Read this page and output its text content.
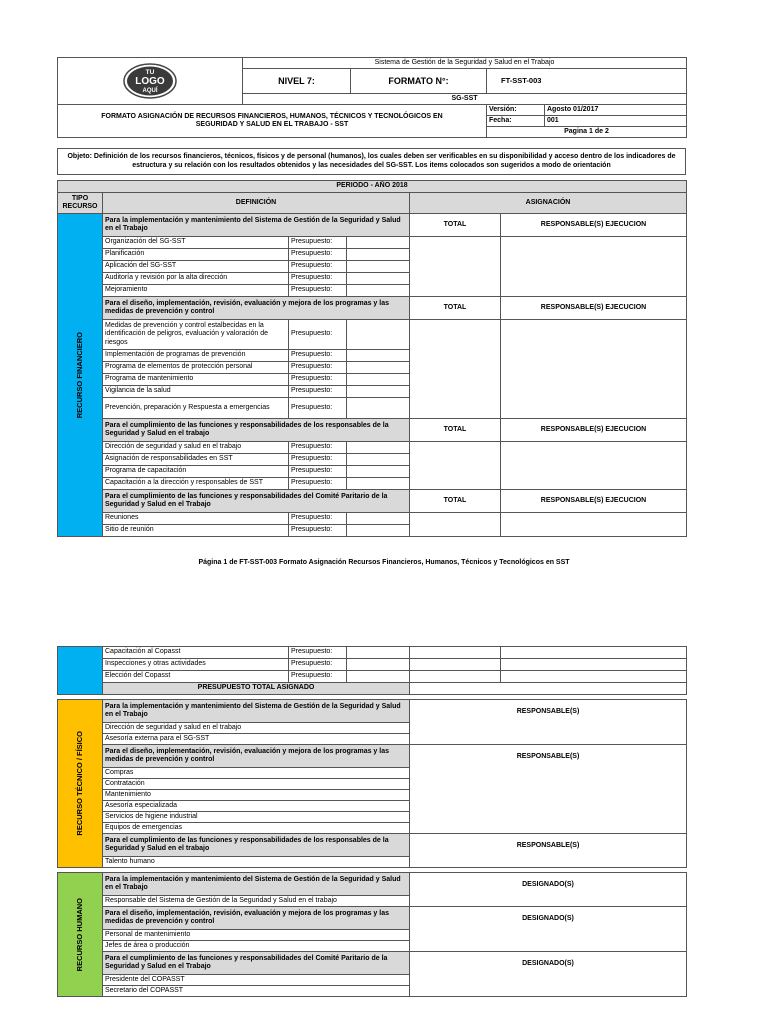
TU
LOGO
AQUÍ	Sistema de Gestión de la Seguridad y Salud en el Trabajo			
	NIVEL 7:	FORMATO N°:	FT-SST-003	
	SG-SST			
FORMATO ASIGNACIÓN DE RECURSOS FINANCIEROS, HUMANOS, TÉCNICOS Y TECNOLÓGICOS EN SEGURIDAD Y SALUD EN EL TRABAJO - SST			Versión:	Agosto 01/2017
			Fecha:	001
			Pagina 1 de 2	
Objeto: Definición de los recursos financieros, técnicos, físicos y de personal (humanos), los cuales deben ser verificables en su disponibilidad y acceso dentro de los indicadores de estructura y su relación con los resultados obtenidos y las necesidades del SG-SST. Los items colocados son sugeridos a modo de orientación
PERIODO - AÑO 2018					
TIPO RECURSO	DEFINICIÓN			ASIGNACIÓN	

RECURSO FINANCIERO	Para la implementación y mantenimiento del Sistema de Gestión de la Seguridad y Salud en el Trabajo			TOTAL	RESPONSABLE(S) EJECUCION
	Organización del SG-SST	Presupuesto:			
	Planificación	Presupuesto:			
	Aplicación del SG-SST	Presupuesto:			
	Auditoría y revisión por la alta dirección	Presupuesto:			
	Mejoramiento	Presupuesto:			
	Para el diseño, implementación, revisión, evaluación y mejora de los programas y las medidas de prevención y control			TOTAL	RESPONSABLE(S) EJECUCION
	Medidas de prevención y control estalbecidas en la identificación de peligros, evaluación y valoración de riesgos	Presupuesto:			
	Implementación de programas de prevención	Presupuesto:			
	Programa de elementos de protección personal	Presupuesto:			
	Programa de mantenimiento	Presupuesto:			
	Vigilancia de la salud	Presupuesto:			
	Prevención, preparación y Respuesta a emergencias	Presupuesto:			
	Para el cumplimiento de las funciones y responsabilidades de los responsables de la Seguridad y Salud en el trabajo			TOTAL	RESPONSABLE(S) EJECUCION
	Dirección de seguridad y salud en el trabajo	Presupuesto:			
	Asignación de responsabilidades en SST	Presupuesto:			
	Programa de capacitación	Presupuesto:			
	Capacitación a la dirección y responsables de SST	Presupuesto:			
	Para el cumplimiento de las funciones y responsabilidades del Comité Paritario de la Seguridad y Salud en el Trabajo			TOTAL	RESPONSABLE(S) EJECUCION
	Reuniones	Presupuesto:			
	Sitio de reunión	Presupuesto:			
Página 1 de FT-SST-003 Formato Asignación Recursos Financieros, Humanos, Técnicos y Tecnológicos en SST
	Capacitación al Copasst	Presupuesto:			
	Inspecciones y otras actividades	Presupuesto:			
	Elección del Copasst	Presupuesto:			
	PRESUPUESTO TOTAL ASIGNADO				

RECURSO TÉCNICO / FÍSICO	Para la implementación y mantenimiento del Sistema de Gestión de la Seguridad y Salud en el Trabajo			RESPONSABLE(S)	
	Dirección de seguridad y salud en el trabajo				
	Asesoría externa para el SG-SST				
	Para el diseño, implementación, revisión, evaluación y mejora de los programas y las medidas de prevención y control			RESPONSABLE(S)	
	Compras				
	Contratación				
	Mantenimiento				
	Asesoría especializada				
	Servicios de higiene industrial				
	Equipos de emergencias				
	Para el cumplimiento de las funciones y responsabilidades de los responsables de la Seguridad y Salud en el trabajo			RESPONSABLE(S)	
	Talento humano				

RECURSO HUMANO	Para la implementación y mantenimiento del Sistema de Gestión de la Seguridad y Salud en el Trabajo			DESIGNADO(S)	
	Responsable del Sistema de Gestión de la Seguridad y Salud en el trabajo				
	Para el diseño, implementación, revisión, evaluación y mejora de los programas y las medidas de prevención y control			DESIGNADO(S)	
	Personal de mantenimiento				
	Jefes de área o producción				
	Para el cumplimiento de las funciones y responsabilidades del Comité Paritario de la Seguridad y Salud en el Trabajo			DESIGNADO(S)	
	Presidente del COPASST				
	Secretario del COPASST				
